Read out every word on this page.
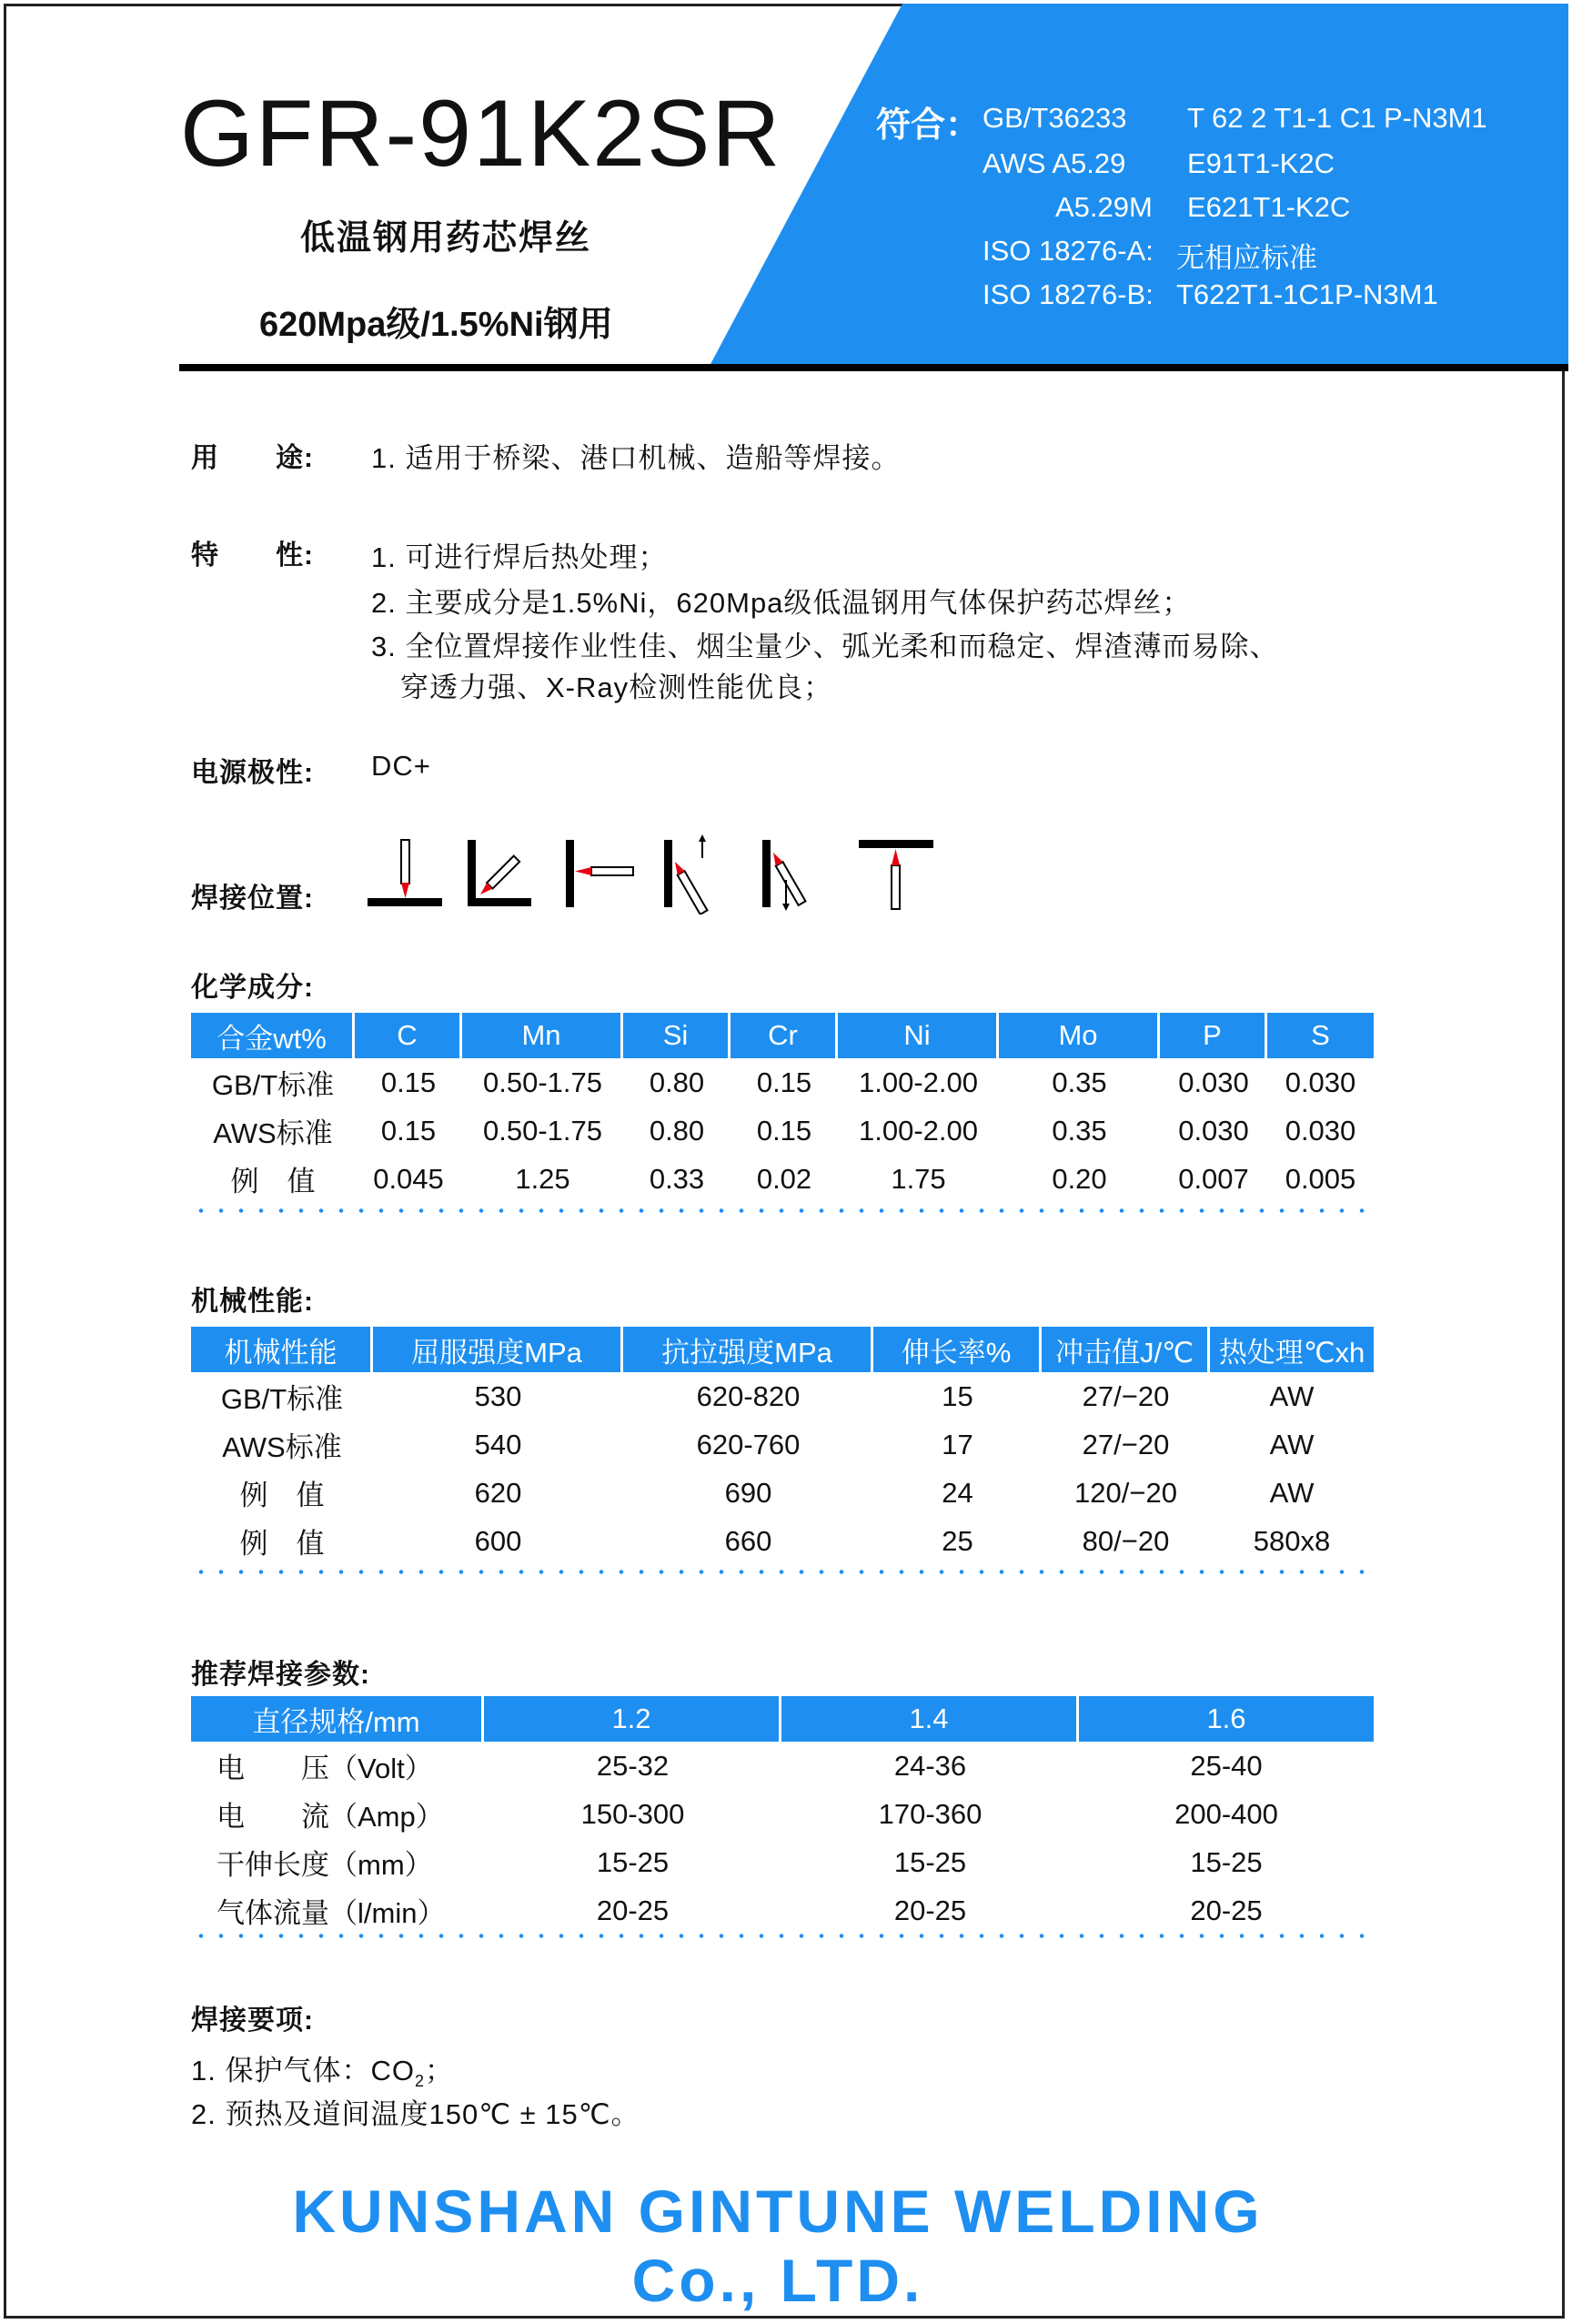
GFR-91K2SR
低温钢用药芯焊丝
620Mpa级/1.5%Ni钢用
符合： GB/T36233 T 62 2 T1-1 C1 P-N3M1
AWS A5.29 E91T1-K2C
A5.29M E621T1-K2C
ISO 18276-A: 无相应标准
ISO 18276-B: T622T1-1C1P-N3M1
用　　途: 1. 适用于桥梁、港口机械、造船等焊接。
特　　性: 1. 可进行焊后热处理；
2. 主要成分是1.5%Ni，620Mpa级低温钢用气体保护药芯焊丝；
3. 全位置焊接作业性佳、烟尘量少、弧光柔和而稳定、焊渣薄而易除、
　穿透力强、X-Ray检测性能优良；
电源极性: DC+
焊接位置:
化学成分:
合金wt%	C	Mn	Si	Cr	Ni	Mo	P	S
GB/T标准	0.15	0.50-1.75	0.80	0.15	1.00-2.00	0.35	0.030	0.030
AWS标准	0.15	0.50-1.75	0.80	0.15	1.00-2.00	0.35	0.030	0.030
例　值	0.045	1.25	0.33	0.02	1.75	0.20	0.007	0.005
机械性能:
机械性能	屈服强度MPa	抗拉强度MPa	伸长率%	冲击值J/℃	热处理℃xh
GB/T标准	530	620-820	15	27/−20	AW
AWS标准	540	620-760	17	27/−20	AW
例　值	620	690	24	120/−20	AW
例　值	600	660	25	80/−20	580x8
推荐焊接参数:
直径规格/mm	1.2	1.4	1.6
电　　压（Volt）	25-32	24-36	25-40
电　　流（Amp）	150-300	170-360	200-400
干伸长度（mm）	15-25	15-25	15-25
气体流量（l/min）	20-25	20-25	20-25
焊接要项:
1. 保护气体：$CO_2$；
2. 预热及道间温度150℃ ± 15℃。
KUNSHAN GINTUNE WELDING Co., LTD.
